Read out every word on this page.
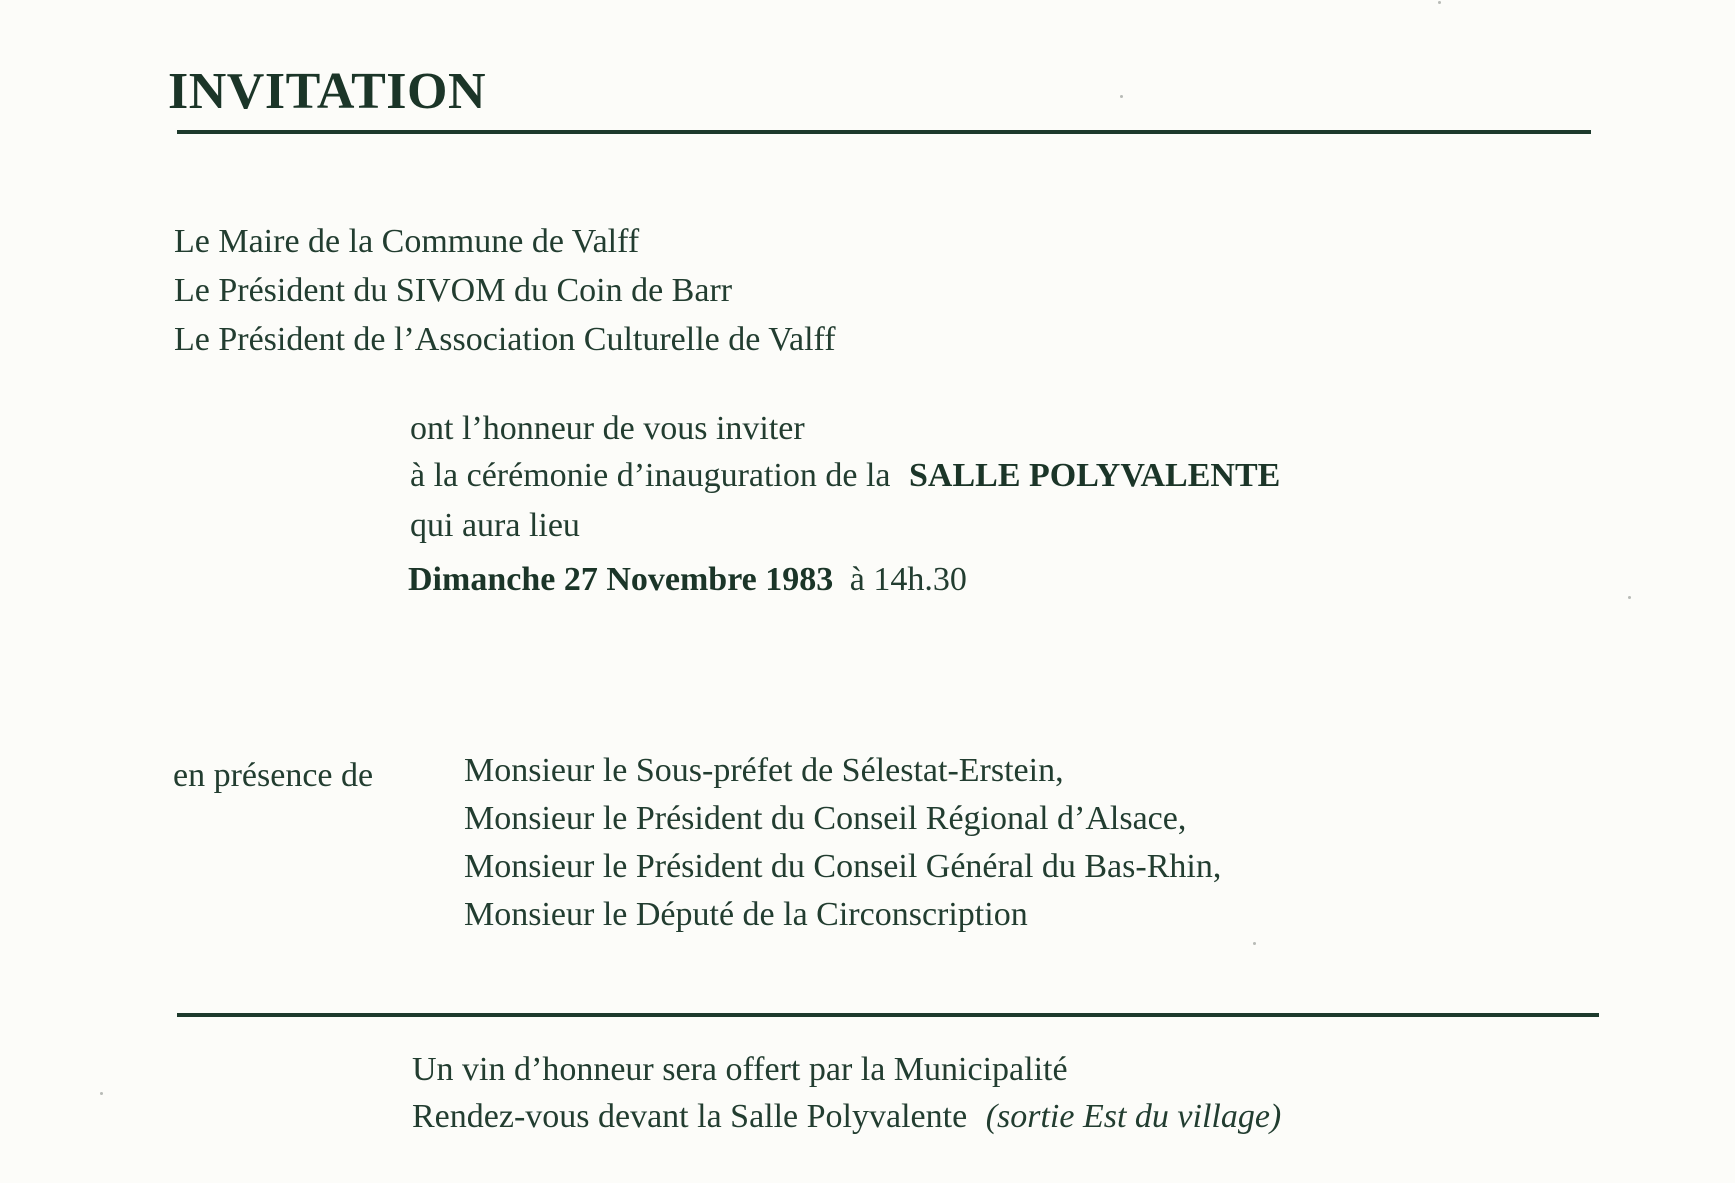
INVITATION
Le Maire de la Commune de Valff
Le Président du SIVOM du Coin de Barr
Le Président de l’Association Culturelle de Valff
ont l’honneur de vous inviter
à la cérémonie d’inauguration de la SALLE POLYVALENTE
qui aura lieu
Dimanche 27 Novembre 1983 à 14h.30
en présence de	Monsieur le Sous-préfet de Sélestat-Erstein,
Monsieur le Président du Conseil Régional d’Alsace,
Monsieur le Président du Conseil Général du Bas-Rhin,
Monsieur le Député de la Circonscription
Un vin d’honneur sera offert par la Municipalité
Rendez-vous devant la Salle Polyvalente (sortie Est du village)
